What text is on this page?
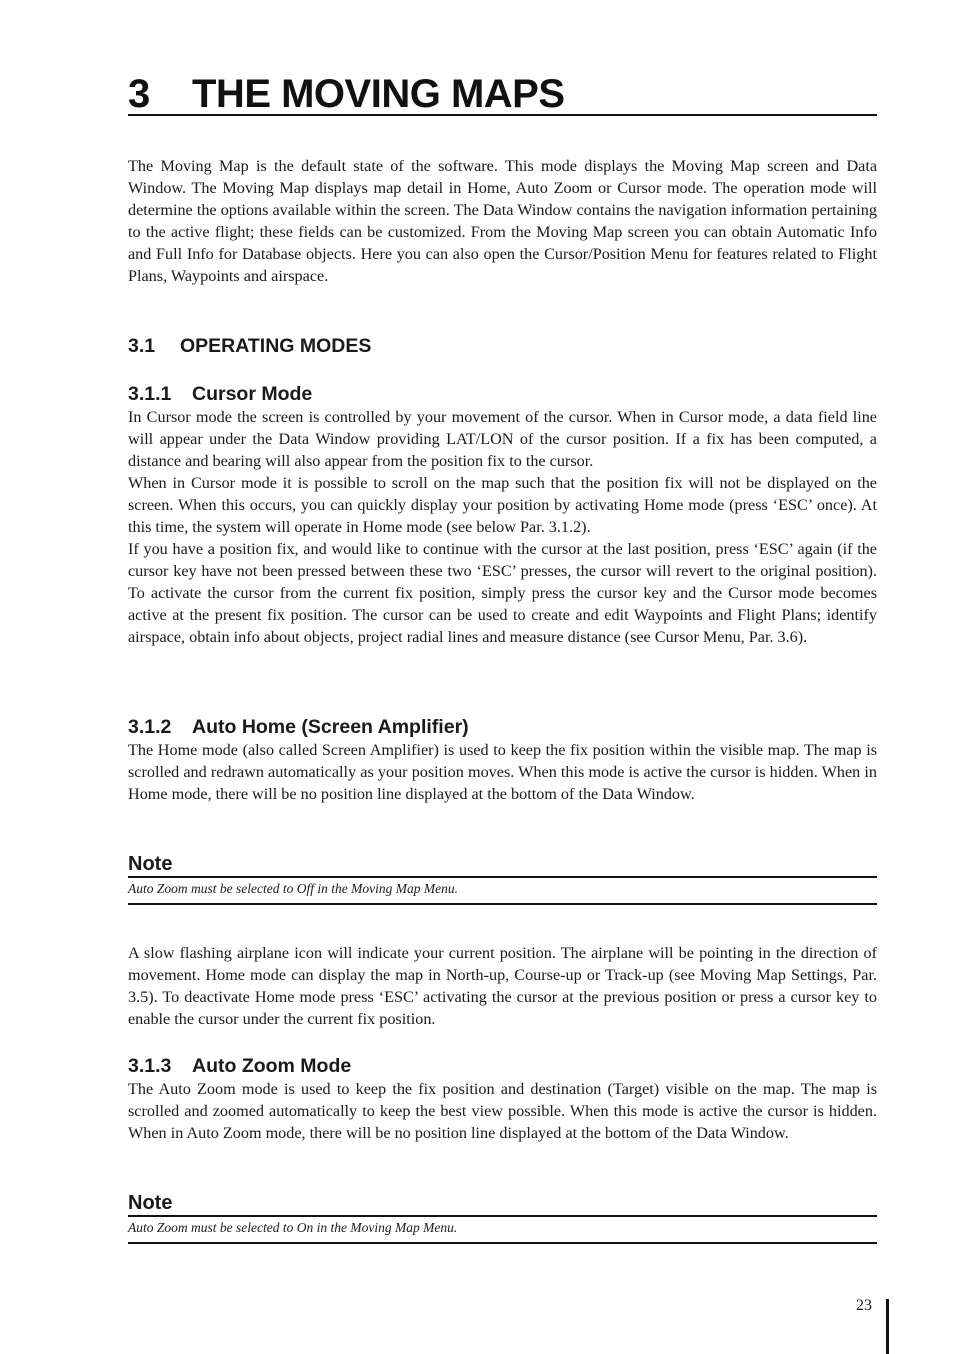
3 THE MOVING MAPS

The Moving Map is the default state of the software. This mode displays the Moving Map screen and Data Window. The Moving Map displays map detail in Home, Auto Zoom or Cursor mode. The operation mode will determine the options available within the screen. The Data Window contains the navigation information pertaining to the active flight; these fields can be customized. From the Moving Map screen you can obtain Automatic Info and Full Info for Database objects. Here you can also open the Cursor/Position Menu for features related to Flight Plans, Waypoints and airspace.

3.1 OPERATING MODES
3.1.1 Cursor Mode

In Cursor mode the screen is controlled by your movement of the cursor. When in Cursor mode, a data field line will appear under the Data Window providing LAT/LON of the cursor position. If a fix has been computed, a distance and bearing will also appear from the position fix to the cursor.

When in Cursor mode it is possible to scroll on the map such that the position fix will not be displayed on the screen. When this occurs, you can quickly display your position by activating Home mode (press ‘ESC’ once). At this time, the system will operate in Home mode (see below Par. 3.1.2).

If you have a position fix, and would like to continue with the cursor at the last position, press ‘ESC’ again (if the cursor key have not been pressed between these two ‘ESC’ presses, the cursor will revert to the original position). To activate the cursor from the current fix position, simply press the cursor key and the Cursor mode becomes active at the present fix position. The cursor can be used to create and edit Waypoints and Flight Plans; identify airspace, obtain info about objects, project radial lines and measure distance (see Cursor Menu, Par. 3.6).

3.1.2 Auto Home (Screen Amplifier)

The Home mode (also called Screen Amplifier) is used to keep the fix position within the visible map. The map is scrolled and redrawn automatically as your position moves. When this mode is active the cursor is hidden. When in Home mode, there will be no position line displayed at the bottom of the Data Window.

Note
Auto Zoom must be selected to Off in the Moving Map Menu.

A slow flashing airplane icon will indicate your current position. The airplane will be pointing in the direction of movement. Home mode can display the map in North-up, Course-up or Track-up (see Moving Map Settings, Par. 3.5). To deactivate Home mode press ‘ESC’ activating the cursor at the previous position or press a cursor key to enable the cursor under the current fix position.

3.1.3 Auto Zoom Mode

The Auto Zoom mode is used to keep the fix position and destination (Target) visible on the map. The map is scrolled and zoomed automatically to keep the best view possible. When this mode is active the cursor is hidden. When in Auto Zoom mode, there will be no position line displayed at the bottom of the Data Window.

Note
Auto Zoom must be selected to On in the Moving Map Menu.
23
